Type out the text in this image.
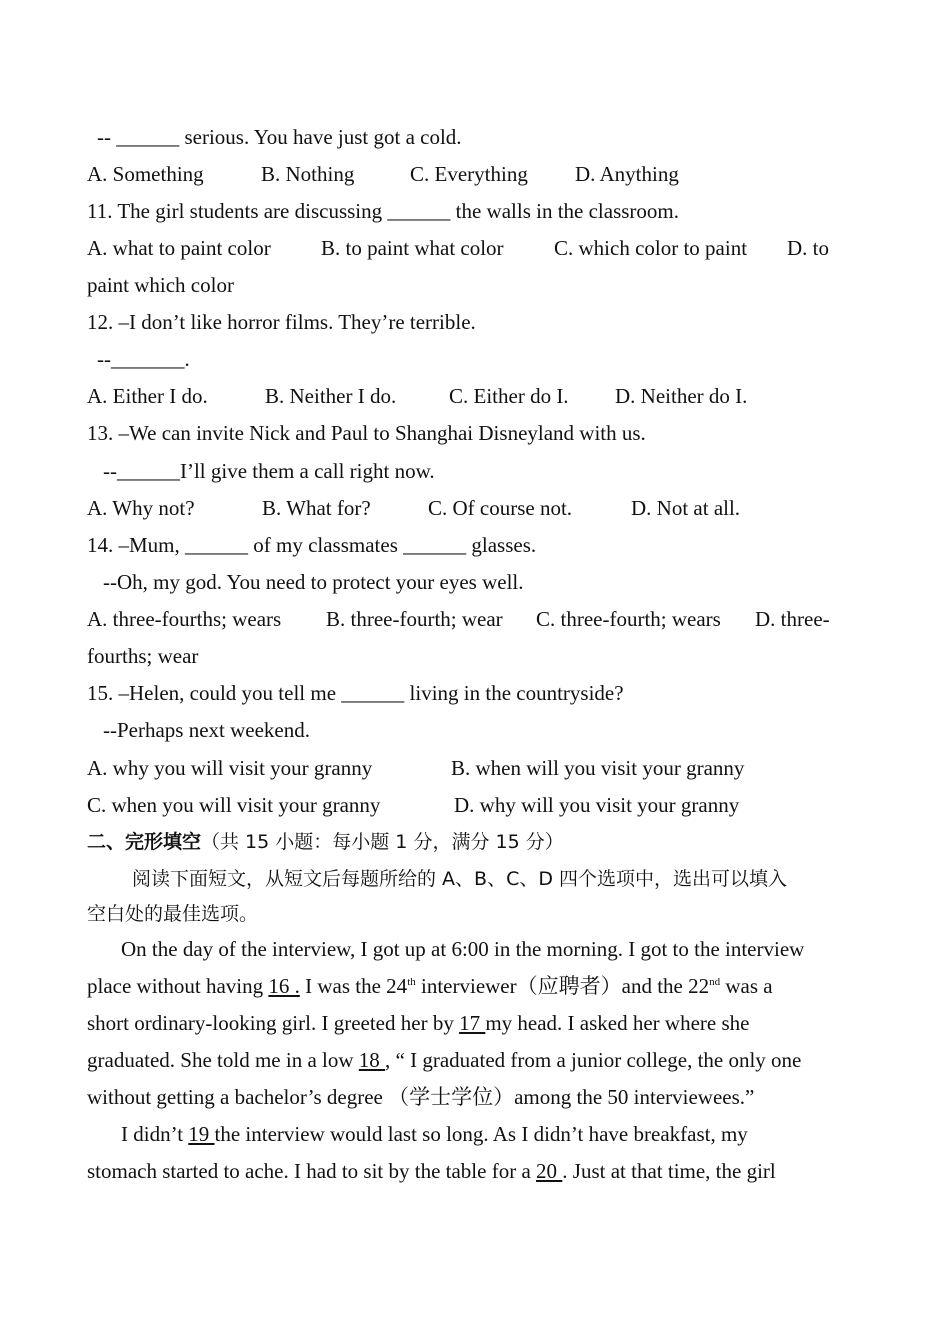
-- ______ serious. You have just got a cold.
A. Something	B. Nothing	C. Everything D. Anything
11. The girl students are discussing ______ the walls in the classroom.
A. what to paint color B. to paint what color C. which color to paint D. to
paint which color
12. –I don’t like horror films. They’re terrible.
--_______.
A. Either I do.	B. Neither I do.	C. Either do I. D. Neither do I.
13. –We can invite Nick and Paul to Shanghai Disneyland with us.
--______I’ll give them a call right now.
A. Why not?	B. What for?	C. Of course not.	D. Not at all.
14. –Mum, ______ of my classmates ______ glasses.
--Oh, my god. You need to protect your eyes well.
A. three-fourths; wears B. three-fourth; wear C. three-fourth; wears D. three-
fourths; wear
15. –Helen, could you tell me ______ living in the countryside?
--Perhaps next weekend.
A. why you will visit your granny	B. when will you visit your granny
C. when you will visit your granny	D. why will you visit your granny
二、完形填空（共 15 小题：每小题 1 分，满分 15 分）
阅读下面短文，从短文后每题所给的 A、B、C、D 四个选项中，选出可以填入
空白处的最佳选项。
On the day of the interview, I got up at 6:00 in the morning. I got to the interview
place without having 16 . I was the 24th interviewer（应聘者）and the 22nd was a
short ordinary-looking girl. I greeted her by 17 my head. I asked her where she
graduated. She told me in a low 18 , “ I graduated from a junior college, the only one
without getting a bachelor’s degree （学士学位）among the 50 interviewees.”
I didn’t 19 the interview would last so long. As I didn’t have breakfast, my
stomach started to ache. I had to sit by the table for a 20 . Just at that time, the girl
